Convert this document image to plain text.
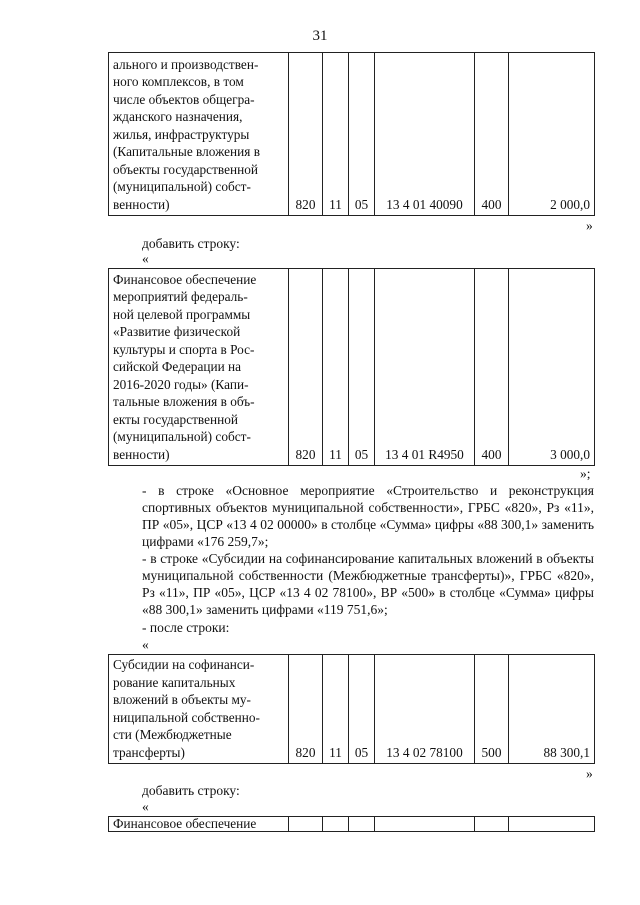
31
ального и производствен-
ного комплексов, в том
числе объектов общегра-
жданского назначения,
жилья, инфраструктуры
(Капитальные вложения в
объекты государственной
(муниципальной) собст-
венности)	820	11	05	13 4 01 40090	400	2 000,0
»
добавить строку:
«
Финансовое обеспечение
мероприятий федераль-
ной целевой программы
«Развитие физической
культуры и спорта в Рос-
сийской Федерации на
2016-2020 годы» (Капи-
тальные вложения в объ-
екты государственной
(муниципальной) собст-
венности)	820	11	05	13 4 01 R4950	400	3 000,0
»;

- в строке «Основное мероприятие «Строительство и реконструкция спортивных объектов муниципальной собственности», ГРБС «820», Рз «11», ПР «05», ЦСР «13 4 02 00000» в столбце «Сумма» цифры «88 300,1» заменить цифрами «176 259,7»;

- в строке «Субсидии на софинансирование капитальных вложений в объекты муниципальной собственности (Межбюджетные трансферты)», ГРБС «820», Рз «11», ПР «05», ЦСР «13 4 02 78100», ВР «500» в столбце «Сумма» цифры «88 300,1» заменить цифрами «119 751,6»;

- после строки:
«
Субсидии на софинанси-
рование капитальных
вложений в объекты му-
ниципальной собственно-
сти (Межбюджетные
трансферты)	820	11	05	13 4 02 78100	500	88 300,1
»
добавить строку:
«
Финансовое обеспечение						
